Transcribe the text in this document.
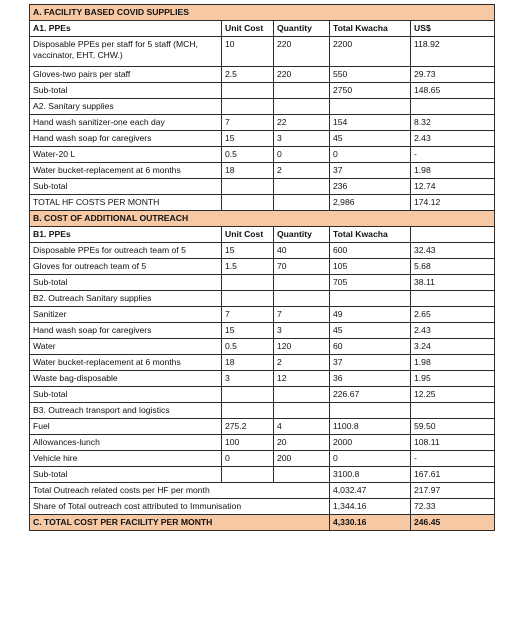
A. FACILITY BASED COVID SUPPLIES				
A1. PPEs	Unit Cost	Quantity	Total Kwacha	US$
Disposable PPEs per staff for 5 staff (MCH, vaccinator, EHT, CHW.)	10	220	2200	118.92
Gloves-two pairs per staff	2.5	220	550	29.73
Sub-total			2750	148.65
A2. Sanitary supplies				
Hand wash sanitizer-one each day	7	22	154	8.32
Hand wash soap for caregivers	15	3	45	2.43
Water-20 L	0.5	0	0	-
Water bucket-replacement at 6 months	18	2	37	1.98
Sub-total			236	12.74
TOTAL HF COSTS PER MONTH			2,986	174.12
B. COST OF ADDITIONAL OUTREACH				
B1. PPEs	Unit Cost	Quantity	Total Kwacha	
Disposable PPEs for outreach team of 5	15	40	600	32.43
Gloves for outreach team of 5	1.5	70	105	5.68
Sub-total			705	38.11
B2. Outreach Sanitary supplies				
Sanitizer	7	7	49	2.65
Hand wash soap for caregivers	15	3	45	2.43
Water	0.5	120	60	3.24
Water bucket-replacement at 6 months	18	2	37	1.98
Waste bag-disposable	3	12	36	1.95
Sub-total			226.67	12.25
B3. Outreach transport and logistics				
Fuel	275.2	4	1100.8	59.50
Allowances-lunch	100	20	2000	108.11
Vehicle hire	0	200	0	-
Sub-total			3100.8	167.61
Total Outreach related costs per HF per month			4,032.47	217.97
Share of Total outreach cost attributed to Immunisation			1,344.16	72.33
C. TOTAL COST PER FACILITY PER MONTH			4,330.16	246.45
